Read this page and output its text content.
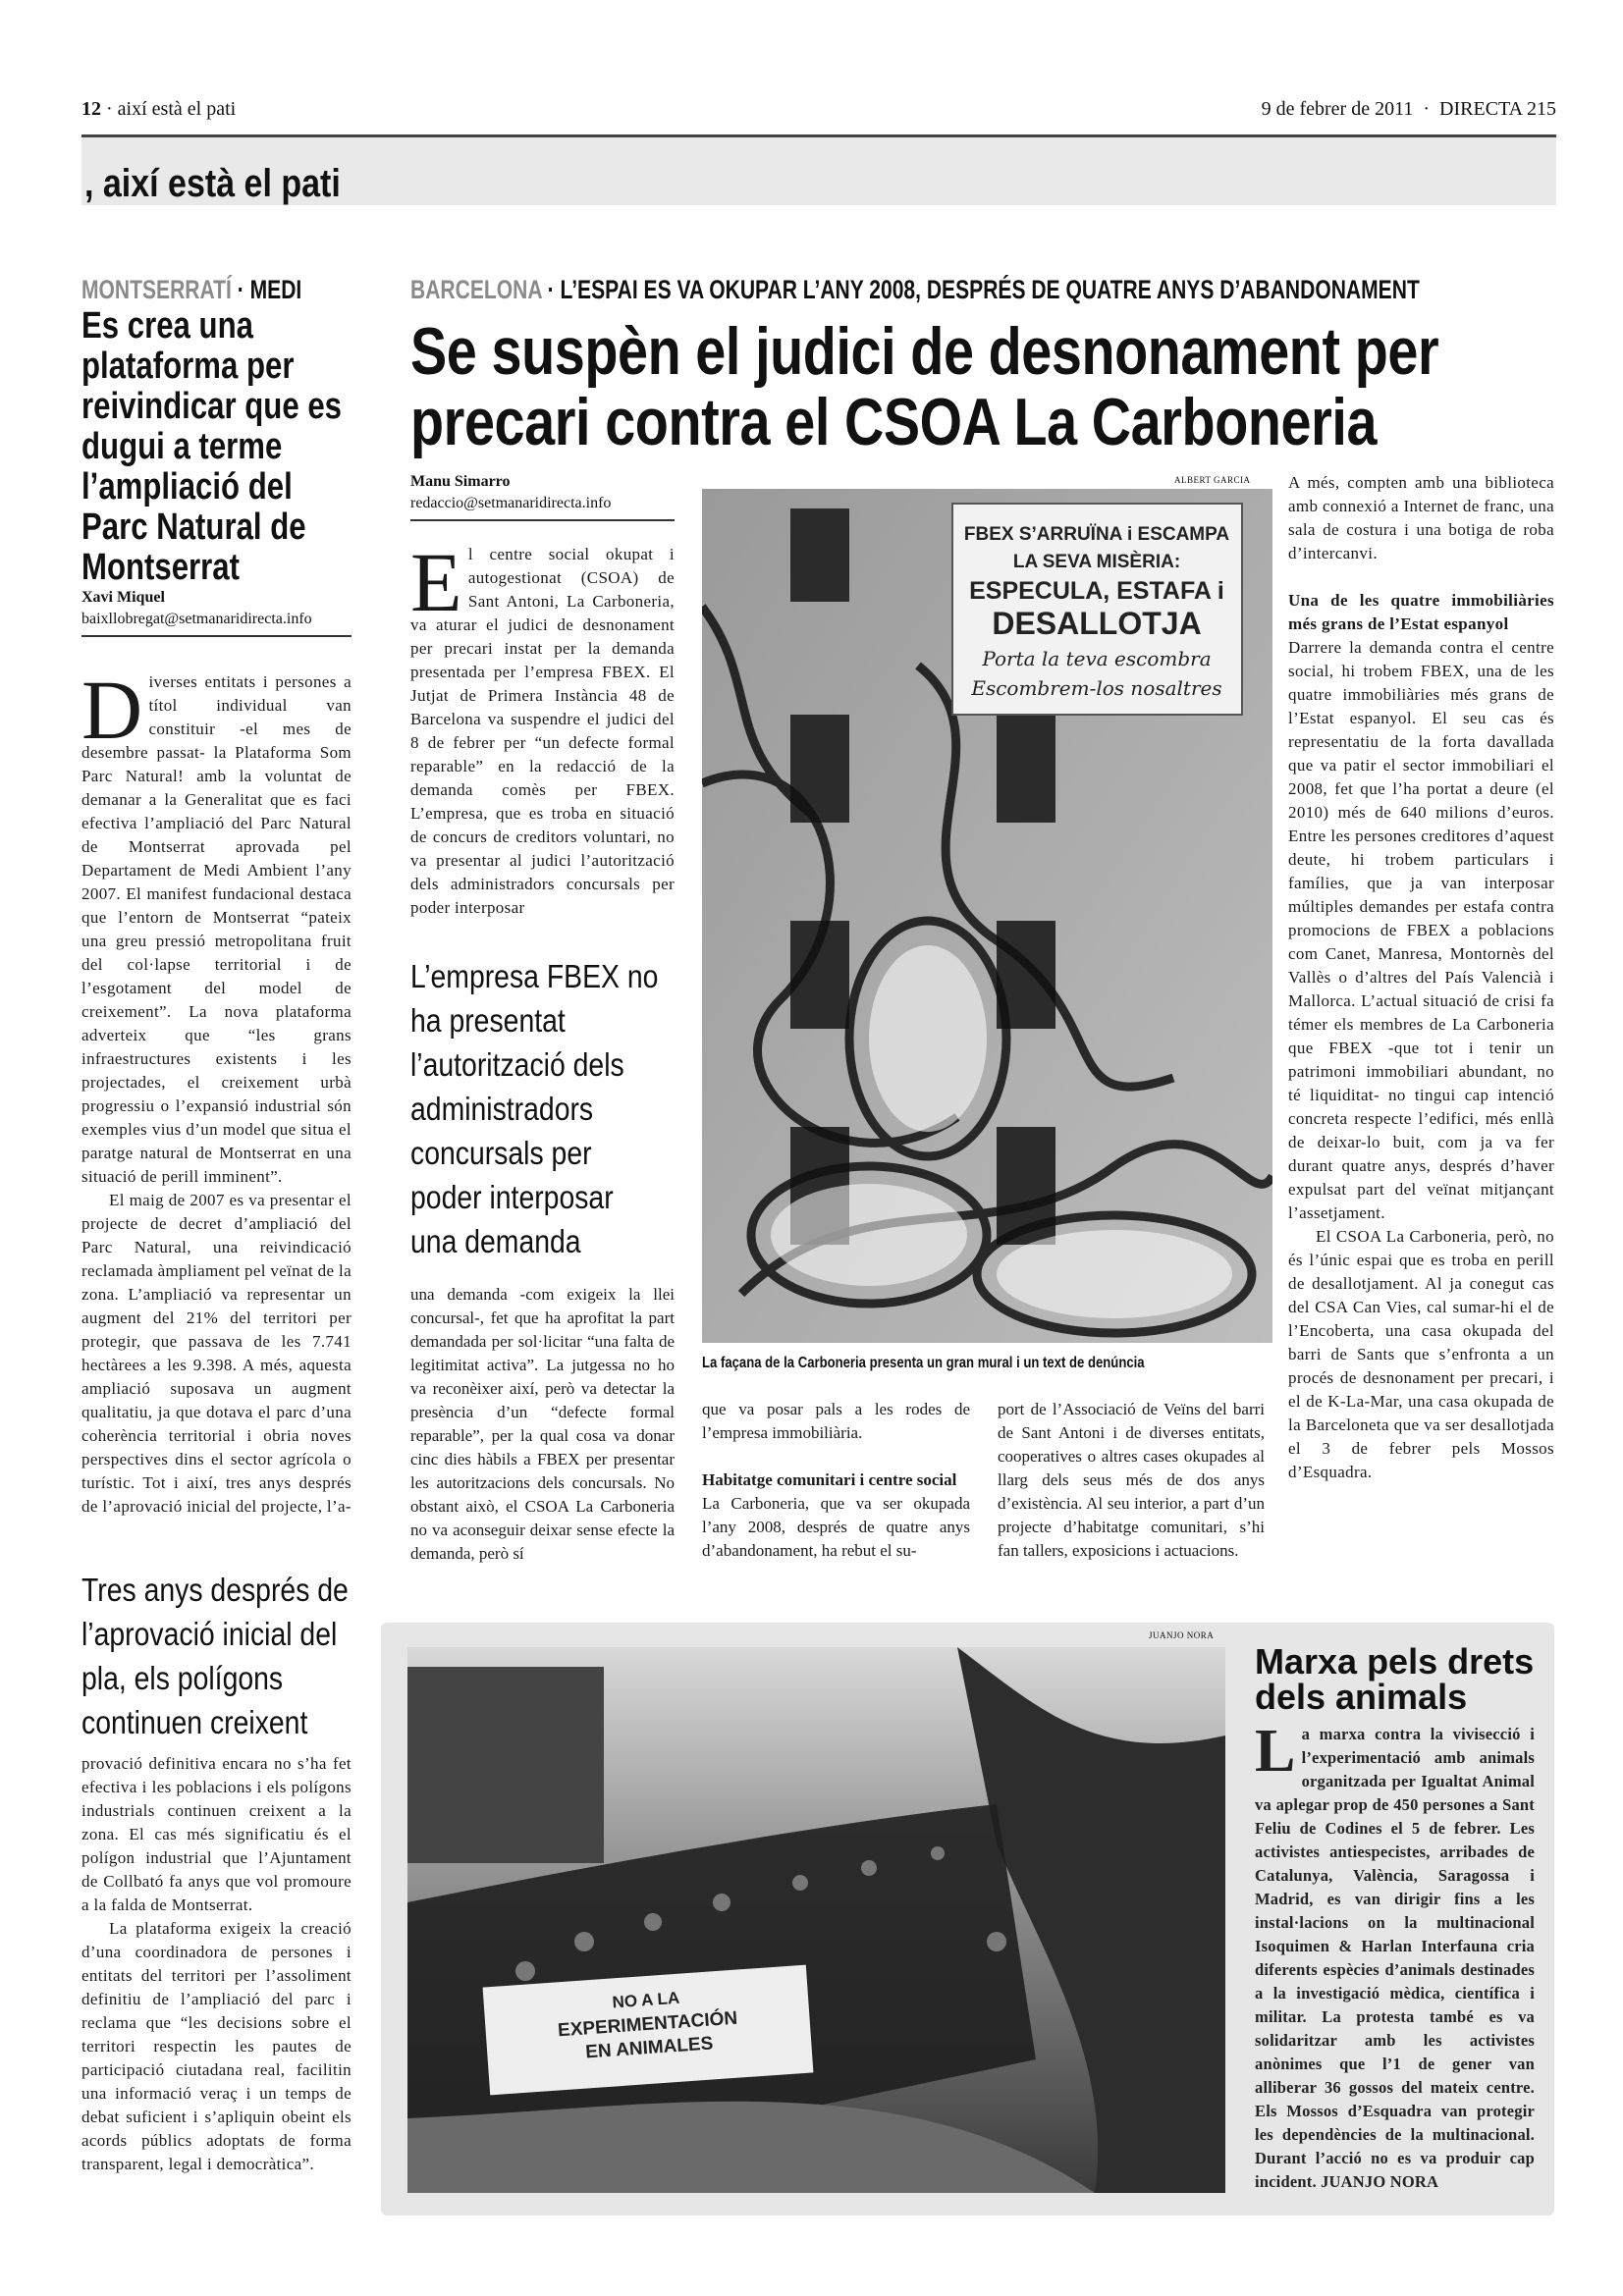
12 · així està el pati	9 de febrer de 2011 · DIRECTA 215
, així està el pati
MONTSERRATÍ · MEDI
Es crea una plataforma per reivindicar que es dugui a terme l’ampliació del Parc Natural de Montserrat
Xavi Miquel
baixllobregat@setmanaridirecta.info

Diverses entitats i persones a títol individual van constituir -el mes de desembre passat- la Plataforma Som Parc Natural! amb la voluntat de demanar a la Generalitat que es faci efectiva l’ampliació del Parc Natural de Montserrat aprovada pel Departament de Medi Ambient l’any 2007. El manifest fundacional destaca que l’entorn de Montserrat “pateix una greu pressió metropolitana fruit del col·lapse territorial i de l’esgotament del model de creixement”. La nova plataforma adverteix que “les grans infraestructures existents i les projectades, el creixement urbà progressiu o l’expansió industrial són exemples vius d’un model que situa el paratge natural de Montserrat en una situació de perill imminent”.

El maig de 2007 es va presentar el projecte de decret d’ampliació del Parc Natural, una reivindicació reclamada àmpliament pel veïnat de la zona. L’ampliació va representar un augment del 21% del territori per protegir, que passava de les 7.741 hectàrees a les 9.398. A més, aquesta ampliació suposava un augment qualitatiu, ja que dotava el parc d’una coherència territorial i obria noves perspectives dins el sector agrícola o turístic. Tot i així, tres anys després de l’aprovació inicial del projecte, l’a-

Tres anys després de l’aprovació inicial del pla, els polígons continuen creixent

provació definitiva encara no s’ha fet efectiva i les poblacions i els polígons industrials continuen creixent a la zona. El cas més significatiu és el polígon industrial que l’Ajuntament de Collbató fa anys que vol promoure a la falda de Montserrat.

La plataforma exigeix la creació d’una coordinadora de persones i entitats del territori per l’assoliment definitiu de l’ampliació del parc i reclama que “les decisions sobre el territori respectin les pautes de participació ciutadana real, facilitin una informació veraç i un temps de debat suficient i s’apliquin obeint els acords públics adoptats de forma transparent, legal i democràtica”.

BARCELONA · L’ESPAI ES VA OKUPAR L’ANY 2008, DESPRÉS DE QUATRE ANYS D’ABANDONAMENT
Se suspèn el judici de desnonament per precari contra el CSOA La Carboneria
Manu Simarro
redaccio@setmanaridirecta.info

El centre social okupat i autogestionat (CSOA) de Sant Antoni, La Carboneria, va aturar el judici de desnonament per precari instat per la demanda presentada per l’empresa FBEX. El Jutjat de Primera Instància 48 de Barcelona va suspendre el judici del 8 de febrer per “un defecte formal reparable” en la redacció de la demanda comès per FBEX. L’empresa, que es troba en situació de concurs de creditors voluntari, no va presentar al judici l’autorització dels administradors concursals per poder interposar

L’empresa FBEX no ha presentat l’autorització dels administradors concursals per poder interposar una demanda

una demanda -com exigeix la llei concursal-, fet que ha aprofitat la part demandada per sol·licitar “una falta de legitimitat activa”. La jutgessa no ho va reconèixer així, però va detectar la presència d’un “defecte formal reparable”, per la qual cosa va donar cinc dies hàbils a FBEX per presentar les autoritzacions dels concursals. No obstant això, el CSOA La Carboneria no va aconseguir deixar sense efecte la demanda, però sí

ALBERT GARCIA
FBEX S’ARRUÏNA i ESCAMPA
LA SEVA MISÈRIA:
ESPECULA, ESTAFA i
DESALLOTJA
Porta la teva escombra
Escombrem-los nosaltres
La façana de la Carboneria presenta un gran mural i un text de denúncia

que va posar pals a les rodes de l’empresa immobiliària.

Habitatge comunitari i centre social

La Carboneria, que va ser okupada l’any 2008, després de quatre anys d’abandonament, ha rebut el su-

port de l’Associació de Veïns del barri de Sant Antoni i de diverses entitats, cooperatives o altres cases okupades al llarg dels seus més de dos anys d’existència. Al seu interior, a part d’un projecte d’habitatge comunitari, s’hi fan tallers, exposicions i actuacions.

A més, compten amb una biblioteca amb connexió a Internet de franc, una sala de costura i una botiga de roba d’intercanvi.

Una de les quatre immobiliàries més grans de l’Estat espanyol

Darrere la demanda contra el centre social, hi trobem FBEX, una de les quatre immobiliàries més grans de l’Estat espanyol. El seu cas és representatiu de la forta davallada que va patir el sector immobiliari el 2008, fet que l’ha portat a deure (el 2010) més de 640 milions d’euros. Entre les persones creditores d’aquest deute, hi trobem particulars i famílies, que ja van interposar múltiples demandes per estafa contra promocions de FBEX a poblacions com Canet, Manresa, Montornès del Vallès o d’altres del País Valencià i Mallorca. L’actual situació de crisi fa témer els membres de La Carboneria que FBEX -que tot i tenir un patrimoni immobiliari abundant, no té liquiditat- no tingui cap intenció concreta respecte l’edifici, més enllà de deixar-lo buit, com ja va fer durant quatre anys, després d’haver expulsat part del veïnat mitjançant l’assetjament.

El CSOA La Carboneria, però, no és l’únic espai que es troba en perill de desallotjament. Al ja conegut cas del CSA Can Vies, cal sumar-hi el de l’Encoberta, una casa okupada del barri de Sants que s’enfronta a un procés de desnonament per precari, i el de K-La-Mar, una casa okupada de la Barceloneta que va ser desallotjada el 3 de febrer pels Mossos d’Esquadra.

JUANJO NORA
NO A LA
EXPERIMENTACIÓN
EN ANIMALES
Marxa pels drets dels animals

La marxa contra la vivisecció i l’experimentació amb animals organitzada per Igualtat Animal va aplegar prop de 450 persones a Sant Feliu de Codines el 5 de febrer. Les activistes antiespecistes, arribades de Catalunya, València, Saragossa i Madrid, es van dirigir fins a les instal·lacions on la multinacional Isoquimen & Harlan Interfauna cria diferents espècies d’animals destinades a la investigació mèdica, científica i militar. La protesta també es va solidaritzar amb les activistes anònimes que l’1 de gener van alliberar 36 gossos del mateix centre. Els Mossos d’Esquadra van protegir les dependències de la multinacional. Durant l’acció no es va produir cap incident. JUANJO NORA
